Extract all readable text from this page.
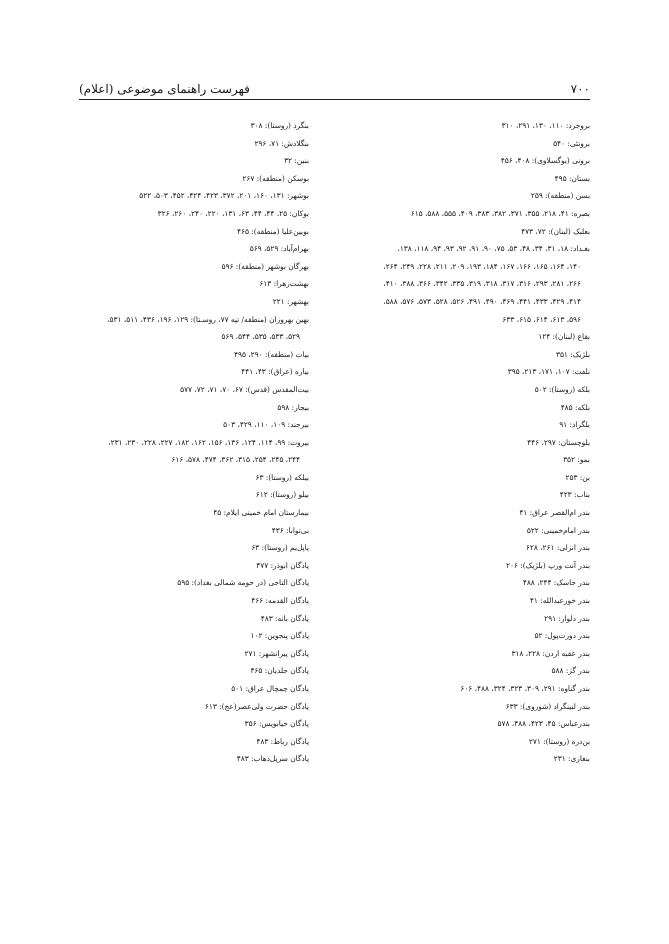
۷۰۰
فهرست راهنمای موضوعی (اعلام)
بروجرد: ۱۱۰، ۱۳۰، ۲۹۱، ۳۱۰
برونئی: ۵۴۰
برونی (یوگسلاوی): ۴۰۸، ۴۵۶
بستان: ۴۹۵
بسن (منطقه): ۲۵۹
بصره: ۴۱، ۲۱۸، ۳۵۵، ۳۷۱، ۳۸۲، ۳۸۳، ۴۰۹، ۵۵۵، ۵۸۸، ۶۱۵
بعلبک (لبنان): ۷۲، ۴۷۳
بغـداد: ۱۸، ۳۱، ۳۴، ۴۸، ۵۳، ۷۵، ۹۰، ۹۱، ۹۲، ۹۳، ۹۴، ۱۱۸، ۱۳۸،
۱۴۰، ۱۶۴، ۱۶۵، ۱۶۶، ۱۶۷، ۱۸۴، ۱۹۳، ۲۰۹، ۲۱۱، ۲۲۸، ۲۴۹، ۲۶۴،
۲۶۶، ۲۸۱، ۲۹۳، ۳۱۶، ۳۱۷، ۳۱۸، ۳۱۹، ۳۳۵، ۳۴۲، ۳۶۶، ۳۸۸، ۴۱۰،
۴۱۴، ۴۲۹، ۴۳۳، ۴۴۱، ۴۶۹، ۴۹۰، ۴۹۱، ۵۲۶، ۵۲۸، ۵۷۳، ۵۷۶، ۵۸۸،
۵۹۶، ۶۱۳، ۶۱۴، ۶۱۵، ۶۳۳
بقاع (لبنان): ۱۲۴
بلژیک: ۳۵۱
بلفت: ۱۰۷، ۱۷۱، ۲۱۳، ۳۹۵
بلکه (روستا): ۵۰۲
بلکه: ۴۸۵
بلگراد: ۹۱
بلوچستان: ۲۹۷، ۴۴۶
بمو: ۳۵۲
بن: ۲۵۳
بناب: ۴۲۳
بندر ام‌القصر عراق: ۴۱
بندر امام‌خمینی: ۵۲۲
بندر انزلی: ۲۶۱، ۶۲۸
بندر آنت ورپ (بلژیک): ۲۰۶
بندر جاسک: ۲۴۴، ۴۸۸
بندر خورعبدالله: ۴۱
بندر دلوار: ۲۹۱
بندر دورت‌پول: ۵۲
بندر عقبه اردن: ۲۲۸، ۳۱۸
بندر گز: ۵۸۸
بندر گناوه: ۲۹۱، ۳۰۹، ۳۲۳، ۳۲۴، ۴۸۸، ۶۰۶
بندر لنینگراد (شوروی): ۶۳۳
بندرعباس: ۴۵، ۴۲۳، ۴۸۸، ۵۷۸
بن‌دره (روستا): ۲۷۱
بنغازی: ۲۳۱
بنگرد (روستا): ۳۰۸
بنگلادش: ۷۱، ۲۹۶
بنین: ۳۲
بوسکن (منطقه): ۲۶۷
بوشهر: ۱۳۱، ۱۶۰، ۲۰۱، ۳۷۲، ۴۲۳، ۴۲۴، ۴۵۲، ۵۰۳، ۵۲۲
بوکان: ۲۵، ۴۴، ۴۴، ۶۳، ۱۳۱، ۲۲۰، ۲۴۰، ۲۶۰، ۳۲۶
بویین‌علیا (منطقه): ۴۶۵
بهرام‌آباد: ۵۲۹، ۵۶۹
بهرگان بوشهر (منطقه): ۵۹۶
بهشت‌زهرا: ۶۱۳
بهشهر: ۲۲۱
بهین بهروزان (منطقه/ تپه ۷۷، روسـتا): ۱۲۹، ۱۹۶، ۴۳۶، ۵۱۱، ۵۳۱،
۵۲۹، ۵۳۳، ۵۳۵، ۵۴۴، ۵۶۹
بیات (منطقه): ۲۹۰، ۴۹۵
بیاره (عراق): ۴۳، ۴۴۱
بیت‌المقدس (قدس): ۶۷، ۷۰، ۷۱، ۷۲، ۵۷۷
بیجار: ۵۹۸
بیرجند: ۱۰۹، ۱۱۰، ۴۲۹، ۵۰۳
بیروت: ۹۹، ۱۱۴، ۱۲۴، ۱۳۶، ۱۵۶، ۱۶۲، ۱۸۲، ۲۲۷، ۲۲۸، ۲۳۰، ۲۳۱،
۲۴۴، ۲۴۵، ۲۵۴، ۳۱۵، ۳۶۲، ۴۷۴، ۵۷۸، ۶۱۶
بیلکه (روستا): ۶۳
بیلو (روستا): ۶۱۲
بیمارستان امام خمینی ایلام: ۴۵
بی‌توابا: ۴۳۶
پاپل‌یم (روستا): ۶۳
پادگان ابوذر: ۴۷۷
پادگان التاجی (در حومه شمالی بغداد): ۵۹۵
پادگان القدمه: ۴۶۶
پادگان بانه: ۴۸۳
پادگان پنجوین: ۱۰۲
پادگان پیرانشهر: ۲۷۱
پادگان جلدیان: ۴۶۵
پادگان چمچال عراق: ۵۰۱
پادگان حضرت ولی‌عصر(عج): ۶۱۳
پادگان خیابویس: ۳۵۶
پادگان رباط: ۴۸۳
پادگان سرپل‌ذهاب: ۴۸۳
